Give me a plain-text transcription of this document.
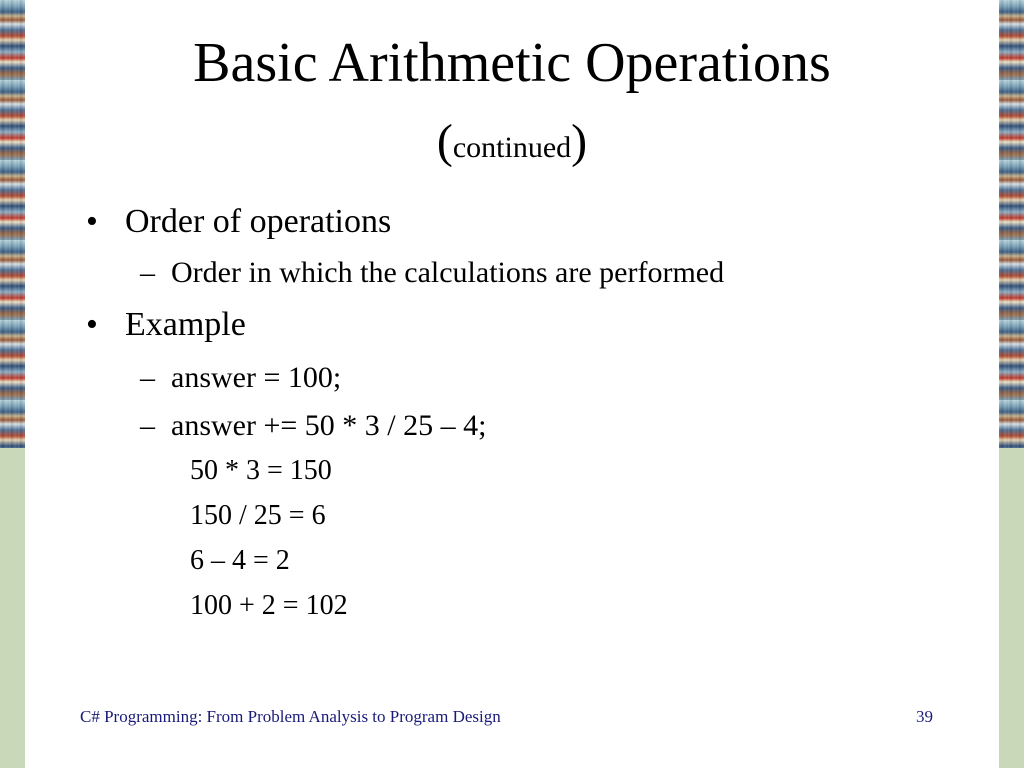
Basic Arithmetic Operations
(continued)
• Order of operations
– Order in which the calculations are performed
• Example
– answer = 100;
– answer += 50 * 3 / 25 – 4;
50 * 3 = 150
150 / 25 = 6
6 – 4 = 2
100 + 2 = 102
C# Programming: From Problem Analysis to Program Design	39
